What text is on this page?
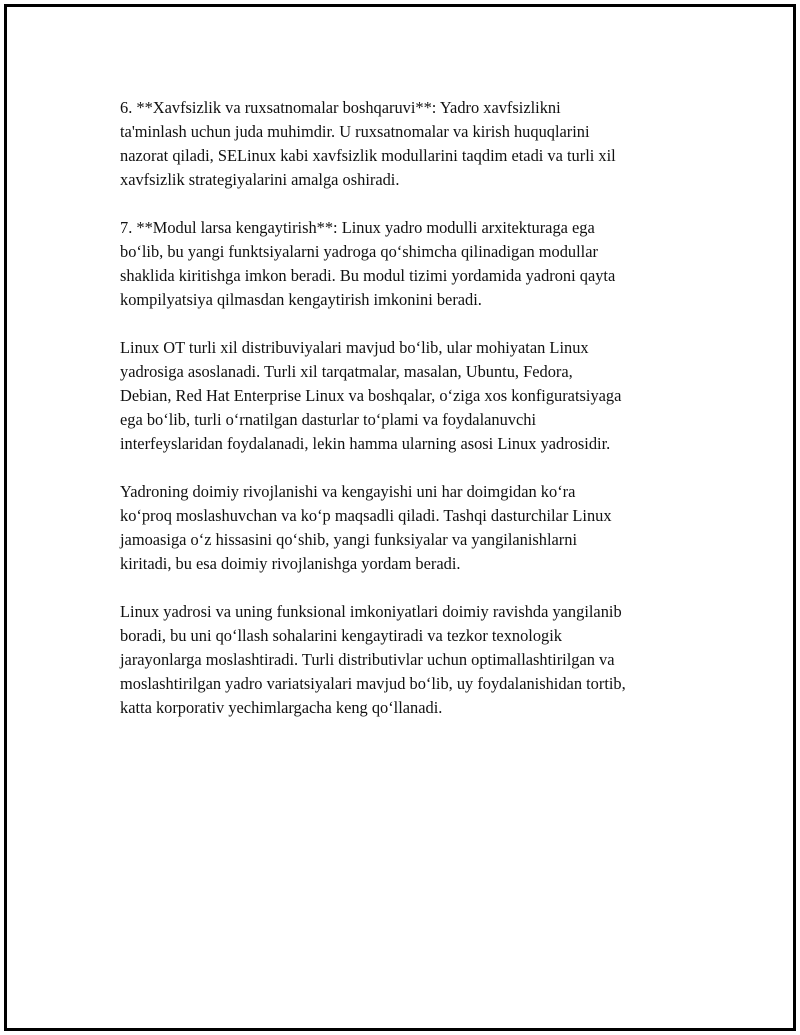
6. **Xavfsizlik va ruxsatnomalar boshqaruvi**: Yadro xavfsizlikni
ta'minlash uchun juda muhimdir. U ruxsatnomalar va kirish huquqlarini
nazorat qiladi, SELinux kabi xavfsizlik modullarini taqdim etadi va turli xil
xavfsizlik strategiyalarini amalga oshiradi.

7. **Modul larsa kengaytirish**: Linux yadro modulli arxitekturaga ega
bo‘lib, bu yangi funktsiyalarni yadroga qo‘shimcha qilinadigan modullar
shaklida kiritishga imkon beradi. Bu modul tizimi yordamida yadroni qayta
kompilyatsiya qilmasdan kengaytirish imkonini beradi.

Linux OT turli xil distribuviyalari mavjud bo‘lib, ular mohiyatan Linux
yadrosiga asoslanadi. Turli xil tarqatmalar, masalan, Ubuntu, Fedora,
Debian, Red Hat Enterprise Linux va boshqalar, o‘ziga xos konfiguratsiyaga
ega bo‘lib, turli o‘rnatilgan dasturlar to‘plami va foydalanuvchi
interfeyslaridan foydalanadi, lekin hamma ularning asosi Linux yadrosidir.

Yadroning doimiy rivojlanishi va kengayishi uni har doimgidan ko‘ra
ko‘proq moslashuvchan va ko‘p maqsadli qiladi. Tashqi dasturchilar Linux
jamoasiga o‘z hissasini qo‘shib, yangi funksiyalar va yangilanishlarni
kiritadi, bu esa doimiy rivojlanishga yordam beradi.

Linux yadrosi va uning funksional imkoniyatlari doimiy ravishda yangilanib
boradi, bu uni qo‘llash sohalarini kengaytiradi va tezkor texnologik
jarayonlarga moslashtiradi. Turli distributivlar uchun optimallashtirilgan va
moslashtirilgan yadro variatsiyalari mavjud bo‘lib, uy foydalanishidan tortib,
katta korporativ yechimlargacha keng qo‘llanadi.
